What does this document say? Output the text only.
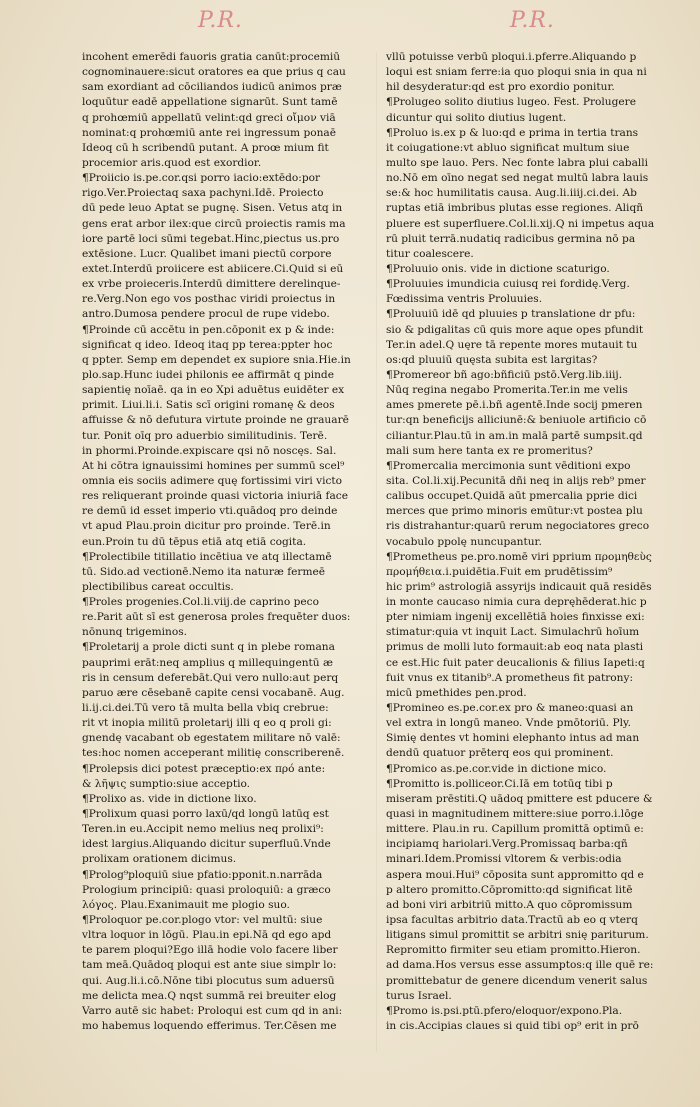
P.R.	P.R.
incohent emerēdi fauoris gratia canūt:procemiū
cognominauere:sicut oratores ea que prius q cau
sam exordiant ad cōciliandos iudicū animos præ
loquūtur eadē appellatione signarūt. Sunt tamē
q prohœmiū appellatū velint:qd greci οἴμον viā
nominat:q prohœmiū ante rei ingressum ponaē
Ideoq cū h scribendū putant. A proœ mium fit
procemior aris.quod est exordior.
¶Proiicio is.pe.cor.qsi porro iacio:extēdo:por
rigo.Ver.Proiectaq saxa pachyni.Idē. Proiecto
dū pede leuo Aptat se pugnę. Sisen. Vetus atq in
gens erat arbor ilex:que circū proiectis ramis ma
iore partē loci sūmi tegebat.Hinc,piectus us.pro
extēsione. Lucr. Qualibet imani piectū corpore
extet.Interdū proiicere est abiicere.Ci.Quid si eū
ex vrbe proieceris.Interdū dimittere derelinque-
re.Verg.Non ego vos posthac viridi proiectus in
antro.Dumosa pendere procul de rupe videbo.
¶Proinde cū accētu in pen.cōponit ex p & inde:
significat q ideo. Ideoq itaq pp terea:ppter hoc
q ppter. Semp em dependet ex supiore snia.Hie.in
plo.sap.Hunc iudei philonis ee affirmāt q pinde
sapientię noīaē. qa in eo Xpi aduētus euidēter ex
primit. Liui.li.i. Satis scī origini romanę & deos
affuisse & nō defutura virtute proinde ne grauarē
tur. Ponit oīq pro aduerbio similitudinis. Terē.
in phormi.Proinde.expiscare qsi nō noscęs. Sal.
At hi cōtra ignauissimi homines per summū scel⁹
omnia eis sociis adimere quę fortissimi viri victo
res reliquerant proinde quasi victoria iniuriā face
re demū id esset imperio vti.quādoq pro deinde
vt apud Plau.proin dicitur pro proinde. Terē.in
eun.Proin tu dū tēpus etiā atq etiā cogita.
¶Prolectibile titillatio incētiua ve atq illectamē
tū. Sido.ad vectionē.Nemo ita naturæ fermeē
plectibilibus careat occultis.
¶Proles progenies.Col.li.viij.de caprino peco
re.Parit aūt sī est generosa proles frequēter duos:
nōnunq trigeminos.
¶Proletarij a prole dicti sunt q in plebe romana
pauprimi erāt:neq amplius q millequingentū æ
ris in censum deferebāt.Qui vero nullo:aut perq
paruo ære cēsebanē capite censi vocabanē. Aug.
li.ij.ci.dei.Tū vero tā multa bella vbiq crebrue:
rit vt inopia militū proletarij illi q eo q proli gi:
gnendę vacabant ob egestatem militare nō valē:
tes:hoc nomen acceperant militię conscriberenē.
¶Prolepsis dici potest præceptio:ex πρό ante:
& λῆψις sumptio:siue acceptio.
¶Prolixo as. vide in dictione lixo.
¶Prolixum quasi porro laxū/qd longū latūq est
Teren.in eu.Accipit nemo melius neq prolixi⁹:
idest largius.Aliquando dicitur superfluū.Vnde
prolixam orationem dicimus.
¶Prolog⁹ploquiū siue pfatio:pponit.n.narrāda
Prologium principiū: quasi proloquiū: a græco
λόγος. Plau.Exanimauit me plogio suo.
¶Proloquor pe.cor.plogo vtor: vel multū: siue
vltra loquor in lōgū. Plau.in epi.Nā qd ego apd
te parem ploqui?Ego illā hodie volo facere liber
tam meā.Quādoq ploqui est ante siue simplr lo:
qui. Aug.li.i.cō.Nōne tibi plocutus sum aduersū
me delicta mea.Q nqst summā rei breuiter elog
Varro autē sic habet: Proloqui est cum qd in ani:
mo habemus loquendo efferimus. Ter.Cēsen me
vllū potuisse verbū ploqui.i.pferre.Aliquando p
loqui est sniam ferre:ia quo ploqui snia in qua ni
hil desyderatur:qd est pro exordio ponitur.
¶Prolugeo solito diutius lugeo. Fest. Prolugere
dicuntur qui solito diutius lugent.
¶Proluo is.ex p & luo:qd e prima in tertia trans
it coiugatione:vt abluo significat multum siue
multo spe lauo. Pers. Nec fonte labra plui caballi
no.Nō em oīno negat sed negat multū labra lauis
se:& hoc humilitatis causa. Aug.li.iiij.ci.dei. Ab
ruptas etiā imbribus plutas esse regiones. Aliqñ
pluere est superfluere.Col.li.xij.Q ni impetus aqua
rū pluit terrā.nudatiq radicibus germina nō pa
titur coalescere.
¶Proluuio onis. vide in dictione scaturigo.
¶Proluuies imundicia cuiusq rei fordidę.Verg.
Fœdissima ventris Proluuies.
¶Proluuiū idē qd pluuies p translatione dr pfu:
sio & pdigalitas cū quis more aque opes pfundit
Ter.in adel.Q uęre tā repente mores mutauit tu
os:qd pluuiū quęsta subita est largitas?
¶Promereor bñ ago:bñficiū pstō.Verg.lib.iiij.
Nūq regina negabo Promerita.Ter.in me velis
ames pmerete pē.i.bñ agentē.Inde socij pmeren
tur:qn beneficijs alliciunē:& beniuole artificio cō
ciliantur.Plau.tū in am.in malā partē sumpsit.qd
mali sum here tanta ex re promeritus?
¶Promercalia mercimonia sunt vēditioni expo
sita. Col.li.xij.Pecunitā dñi neq in alijs reb⁹ pmer
calibus occupet.Quidā aūt pmercalia pprie dici
merces que primo minoris emūtur:vt postea plu
ris distrahantur:quarū rerum negociatores greco
vocabulo ppolę nuncupantur.
¶Prometheus pe.pro.nomē viri pprium προμηθεὺς
προμήθεια.i.puidētia.Fuit em prudētissim⁹
hic prim⁹ astrologiā assyrijs indicauit quā residēs
in monte caucaso nimia cura depręhēderat.hic p
pter nimiam ingenij excellētiā hoies finxisse exi:
stimatur:quia vt inquit Lact. Simulachrū hoīum
primus de molli luto formauit:ab eoq nata plasti
ce est.Hic fuit pater deucalionis & filius Iapeti:q
fuit vnus ex titanib⁹.A prometheus fit patrony:
micū pmethides pen.prod.
¶Promineo es.pe.cor.ex pro & maneo:quasi an
vel extra in longū maneo. Vnde pmōtoriū. Ply.
Simię dentes vt homini elephanto intus ad man
dendū quatuor prēterq eos qui prominent.
¶Promico as.pe.cor.vide in dictione mico.
¶Promitto is.polliceor.Ci.Iā em totūq tibi p
miseram prēstiti.Q uādoq pmittere est pducere &
quasi in magnitudinem mittere:siue porro.i.lōge
mittere. Plau.in ru. Capillum promittā optimū e:
incipiamq hariolari.Verg.Promissaq barba:qñ
minari.Idem.Promissi vltorem & verbis:odia
aspera moui.Hui⁹ cōposita sunt appromitto qd e
p altero promitto.Cōpromitto:qd significat litē
ad boni viri arbitriū mitto.A quo cōpromissum
ipsa facultas arbitrio data.Tractū ab eo q vterq
litigans simul promittit se arbitri snię pariturum.
Repromitto firmiter seu etiam promitto.Hieron.
ad dama.Hos versus esse assumptos:q ille quē re:
promittebatur de genere dicendum venerit salus
turus Israel.
¶Promo is.psi.ptū.pfero/eloquor/expono.Pla.
in cis.Accipias claues si quid tibi op⁹ erit in prō
